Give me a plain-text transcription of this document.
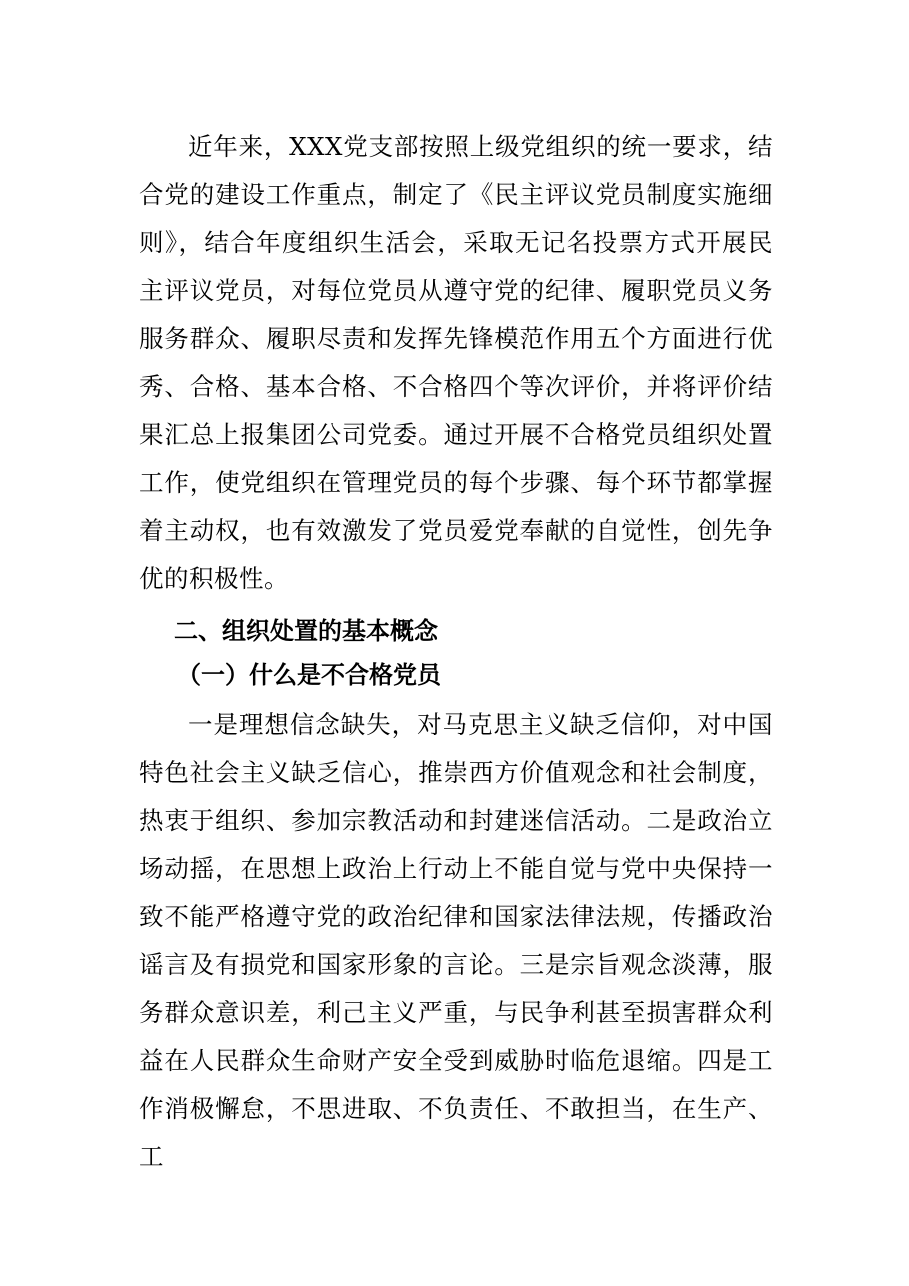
近年来，XXX党支部按照上级党组织的统一要求，结合党的建设工作重点，制定了《民主评议党员制度实施细则》，结合年度组织生活会，采取无记名投票方式开展民主评议党员，对每位党员从遵守党的纪律、履职党员义务服务群众、履职尽责和发挥先锋模范作用五个方面进行优秀、合格、基本合格、不合格四个等次评价，并将评价结果汇总上报集团公司党委。通过开展不合格党员组织处置工作，使党组织在管理党员的每个步骤、每个环节都掌握着主动权，也有效激发了党员爱党奉献的自觉性，创先争优的积极性。

二、组织处置的基本概念

（一）什么是不合格党员

一是理想信念缺失，对马克思主义缺乏信仰，对中国特色社会主义缺乏信心，推崇西方价值观念和社会制度，热衷于组织、参加宗教活动和封建迷信活动。二是政治立场动摇，在思想上政治上行动上不能自觉与党中央保持一致不能严格遵守党的政治纪律和国家法律法规，传播政治谣言及有损党和国家形象的言论。三是宗旨观念淡薄，服务群众意识差，利己主义严重，与民争利甚至损害群众利益在人民群众生命财产安全受到威胁时临危退缩。四是工作消极懈怠，不思进取、不负责任、不敢担当，在生产、工
